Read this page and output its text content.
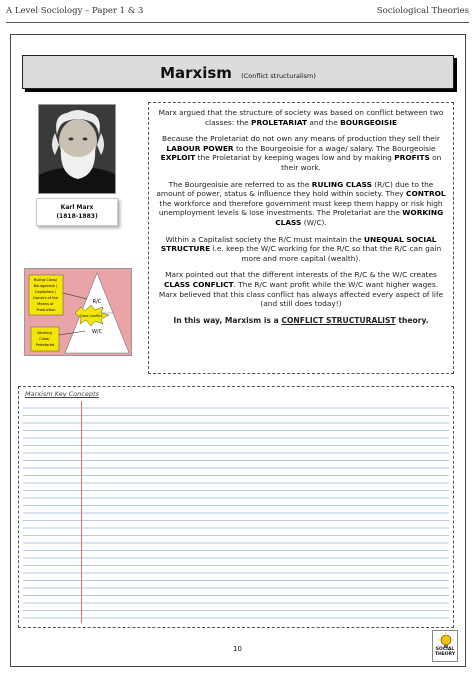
A Level Sociology – Paper 1 & 3	Sociological Theories
Marxism (Conflict structuralism)
Karl Marx
(1818-1883)
R/C
W/C
Ruling Class/ Bourgeoisie / Capitalists / Owners of the Means of Production
Working Class/ Proletariat
Class Conflict

Marx argued that the structure of society was based on conflict between two classes: the PROLETARIAT and the BOURGEOISIE

Because the Proletariat do not own any means of production they sell their LABOUR POWER to the Bourgeoisie for a wage/ salary. The Bourgeoisie EXPLOIT the Proletariat by keeping wages low and by making PROFITS on their work.

The Bourgeoisie are referred to as the RULING CLASS (R/C) due to the amount of power, status & influence they hold within society. They CONTROL the workforce and therefore government must keep them happy or risk high unemployment levels & lose investments. The Proletariat are the WORKING CLASS (W/C).

Within a Capitalist society the R/C must maintain the UNEQUAL SOCIAL STRUCTURE i.e. keep the W/C working for the R/C so that the R/C can gain more and more capital (wealth).

Marx pointed out that the different interests of the R/C & the W/C creates CLASS CONFLICT. The R/C want profit while the W/C want higher wages. Marx believed that this class conflict has always affected every aspect of life (and still does today!)

In this way, Marxism is a CONFLICT STRUCTURALIST theory.

Marxism Key Concepts
10	SOCIAL
THEORY
